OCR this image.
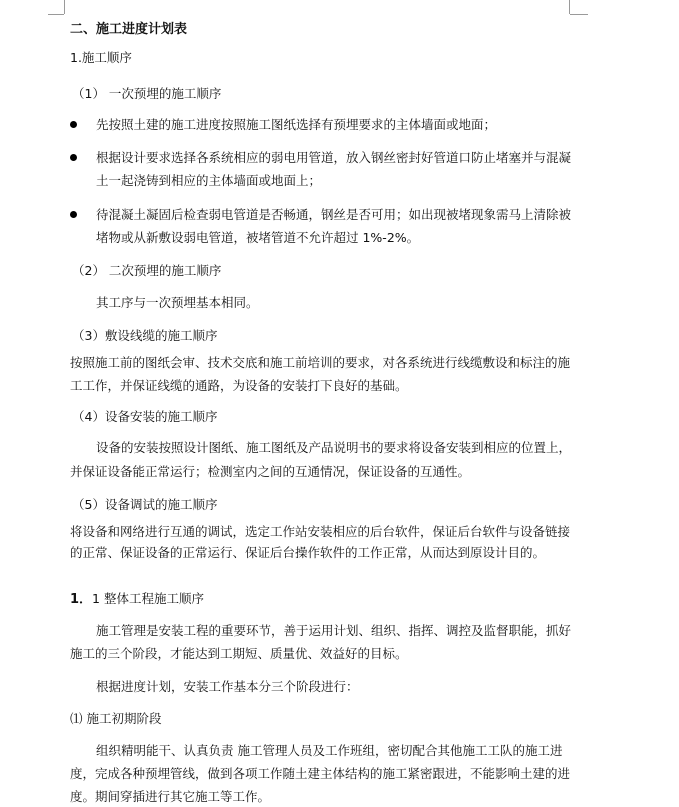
二、施工进度计划表
1.施工顺序
（1） 一次预埋的施工顺序
先按照土建的施工进度按照施工图纸选择有预埋要求的主体墙面或地面；
根据设计要求选择各系统相应的弱电用管道，放入钢丝密封好管道口防止堵塞并与混凝
土一起浇铸到相应的主体墙面或地面上；
待混凝土凝固后检查弱电管道是否畅通，钢丝是否可用；如出现被堵现象需马上清除被
堵物或从新敷设弱电管道，被堵管道不允许超过 1%-2%。
（2） 二次预埋的施工顺序
其工序与一次预埋基本相同。
（3）敷设线缆的施工顺序
按照施工前的图纸会审、技术交底和施工前培训的要求，对各系统进行线缆敷设和标注的施
工工作，并保证线缆的通路，为设备的安装打下良好的基础。
（4）设备安装的施工顺序
设备的安装按照设计图纸、施工图纸及产品说明书的要求将设备安装到相应的位置上，
并保证设备能正常运行；检测室内之间的互通情况，保证设备的互通性。
（5）设备调试的施工顺序
将设备和网络进行互通的调试，选定工作站安装相应的后台软件，保证后台软件与设备链接
的正常、保证设备的正常运行、保证后台操作软件的工作正常，从而达到原设计目的。
1．1 整体工程施工顺序
施工管理是安装工程的重要环节，善于运用计划、组织、指挥、调控及监督职能，抓好
施工的三个阶段，才能达到工期短、质量优、效益好的目标。
根据进度计划，安装工作基本分三个阶段进行：
⑴ 施工初期阶段
组织精明能干、认真负责 施工管理人员及工作班组，密切配合其他施工工队的施工进
度，完成各种预埋管线，做到各项工作随土建主体结构的施工紧密跟进，不能影响土建的进
度。期间穿插进行其它施工等工作。
